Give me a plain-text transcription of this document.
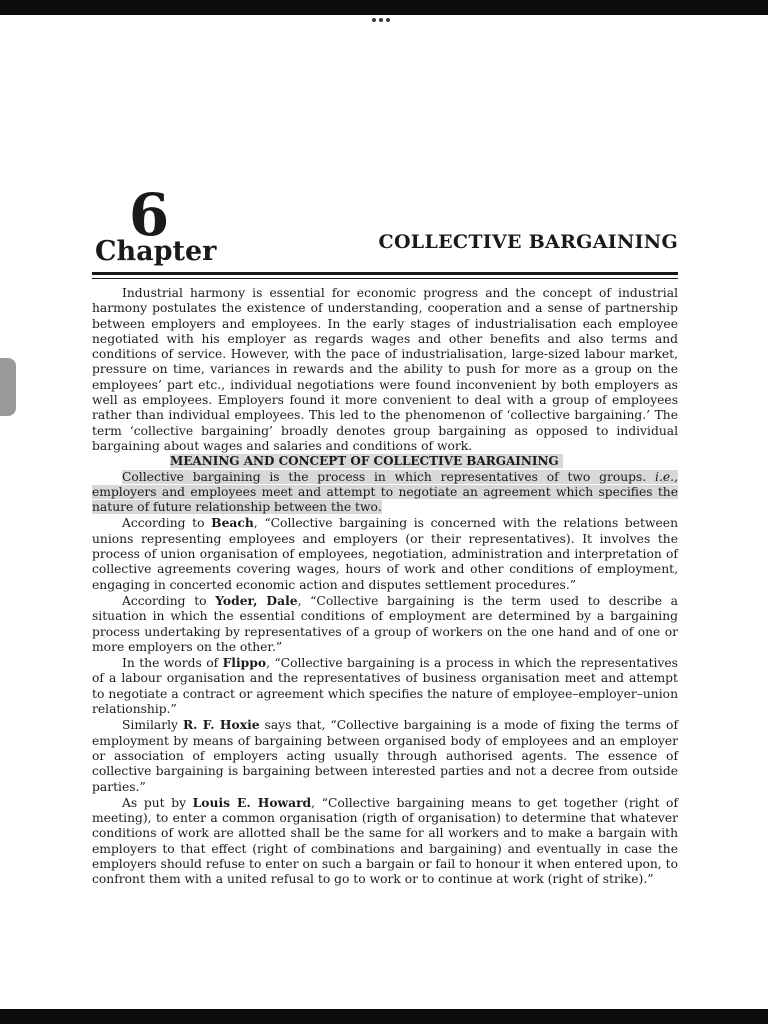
6
Chapter	COLLECTIVE BARGAINING

Industrial harmony is essential for economic progress and the concept of industrial harmony postulates the existence of understanding, cooperation and a sense of partnership between employers and employees. In the early stages of industrialisation each employee negotiated with his employer as regards wages and other benefits and also terms and conditions of service. However, with the pace of industrialisation, large-sized labour market, pressure on time, variances in rewards and the ability to push for more as a group on the employees’ part etc., individual negotiations were found inconvenient by both employers as well as employees. Employers found it more convenient to deal with a group of employees rather than individual employees. This led to the phenomenon of ‘collective bargaining.’ The term ‘collective bargaining’ broadly denotes group bargaining as opposed to individual bargaining about wages and salaries and conditions of work.

MEANING AND CONCEPT OF COLLECTIVE BARGAINING

Collective bargaining is the process in which representatives of two groups. i.e., employers and employees meet and attempt to negotiate an agreement which specifies the nature of future relationship between the two.

According to Beach, “Collective bargaining is concerned with the relations between unions representing employees and employers (or their representatives). It involves the process of union organisation of employees, negotiation, administration and interpretation of collective agreements covering wages, hours of work and other conditions of employment, engaging in concerted economic action and disputes settlement procedures.”

According to Yoder, Dale, “Collective bargaining is the term used to describe a situation in which the essential conditions of employment are determined by a bargaining process undertaking by representatives of a group of workers on the one hand and of one or more employers on the other.”

In the words of Flippo, “Collective bargaining is a process in which the representatives of a labour organisation and the representatives of business organisation meet and attempt to negotiate a contract or agreement which specifies the nature of employee–employer–union relationship.”

Similarly R. F. Hoxie says that, “Collective bargaining is a mode of fixing the terms of employment by means of bargaining between organised body of employees and an employer or association of employers acting usually through authorised agents. The essence of collective bargaining is bargaining between interested parties and not a decree from outside parties.”

As put by Louis E. Howard, “Collective bargaining means to get together (right of meeting), to enter a common organisation (rigth of organisation) to determine that whatever conditions of work are allotted shall be the same for all workers and to make a bargain with employers to that effect (right of combinations and bargaining) and eventually in case the employers should refuse to enter on such a bargain or fail to honour it when entered upon, to confront them with a united refusal to go to work or to continue at work (right of strike).”
